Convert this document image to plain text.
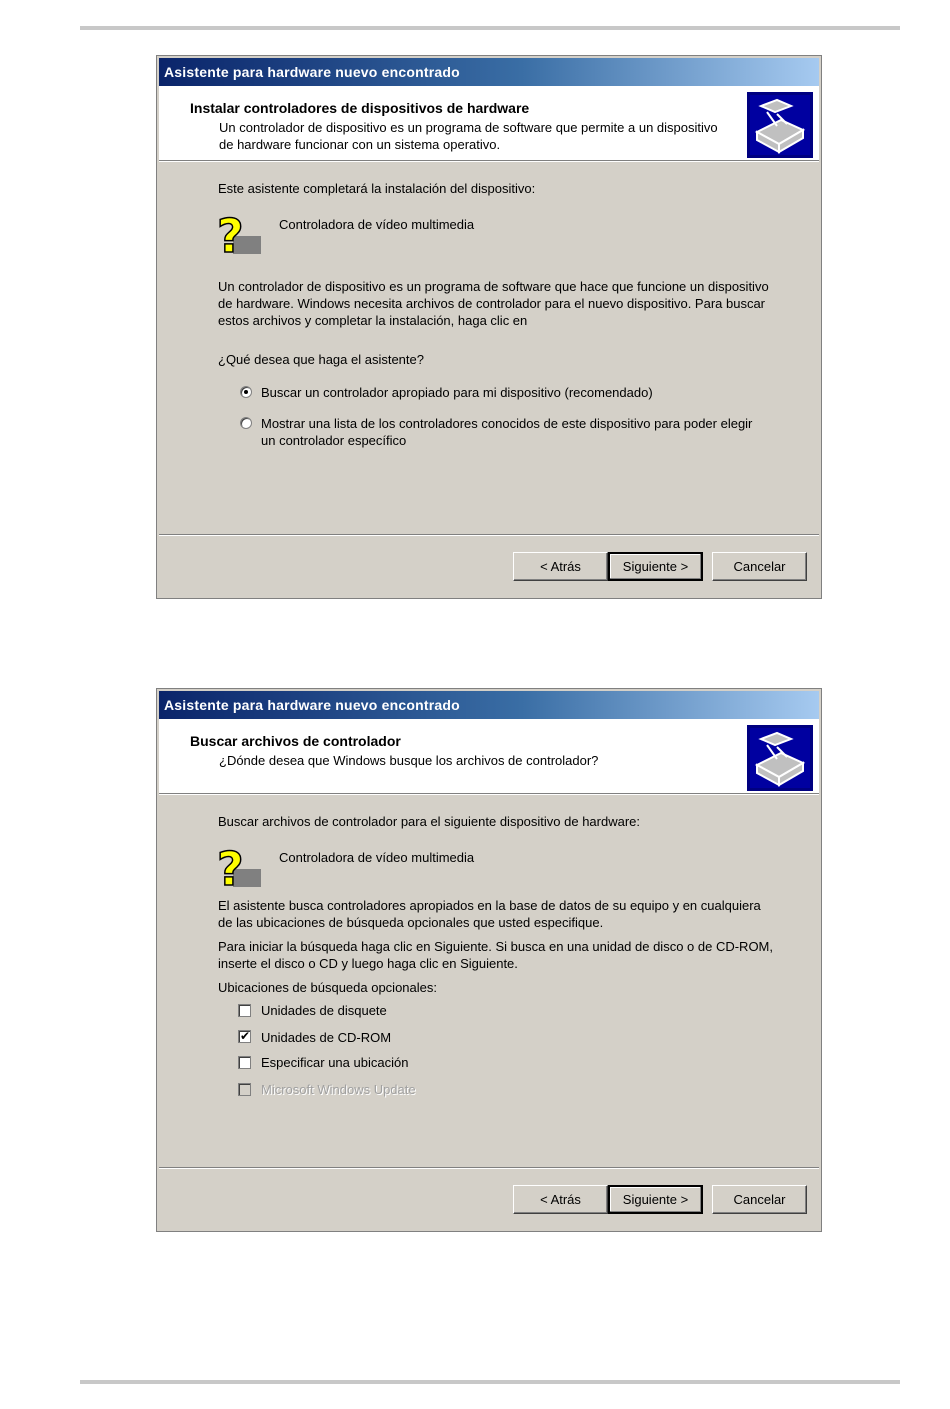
Asistente para hardware nuevo encontrado
Instalar controladores de dispositivos de hardware
Un controlador de dispositivo es un programa de software que permite a un dispositivo de hardware funcionar con un sistema operativo.
Este asistente completará la instalación del dispositivo:
?	Controladora de vídeo multimedia
Un controlador de dispositivo es un programa de software que hace que funcione un dispositivo de hardware. Windows necesita archivos de controlador para el nuevo dispositivo. Para buscar estos archivos y completar la instalación, haga clic en
¿Qué desea que haga el asistente?
Buscar un controlador apropiado para mi dispositivo (recomendado)
Mostrar una lista de los controladores conocidos de este dispositivo para poder elegir un controlador específico
< Atrás	Siguiente >	Cancelar
Asistente para hardware nuevo encontrado
Buscar archivos de controlador
¿Dónde desea que Windows busque los archivos de controlador?
Buscar archivos de controlador para el siguiente dispositivo de hardware:
?	Controladora de vídeo multimedia
El asistente busca controladores apropiados en la base de datos de su equipo y en cualquiera de las ubicaciones de búsqueda opcionales que usted especifique.
Para iniciar la búsqueda haga clic en Siguiente. Si busca en una unidad de disco o de CD-ROM, inserte el disco o CD y luego haga clic en Siguiente.
Ubicaciones de búsqueda opcionales:
Unidades de disquete
✔ Unidades de CD-ROM
Especificar una ubicación
Microsoft Windows Update
< Atrás	Siguiente >	Cancelar
